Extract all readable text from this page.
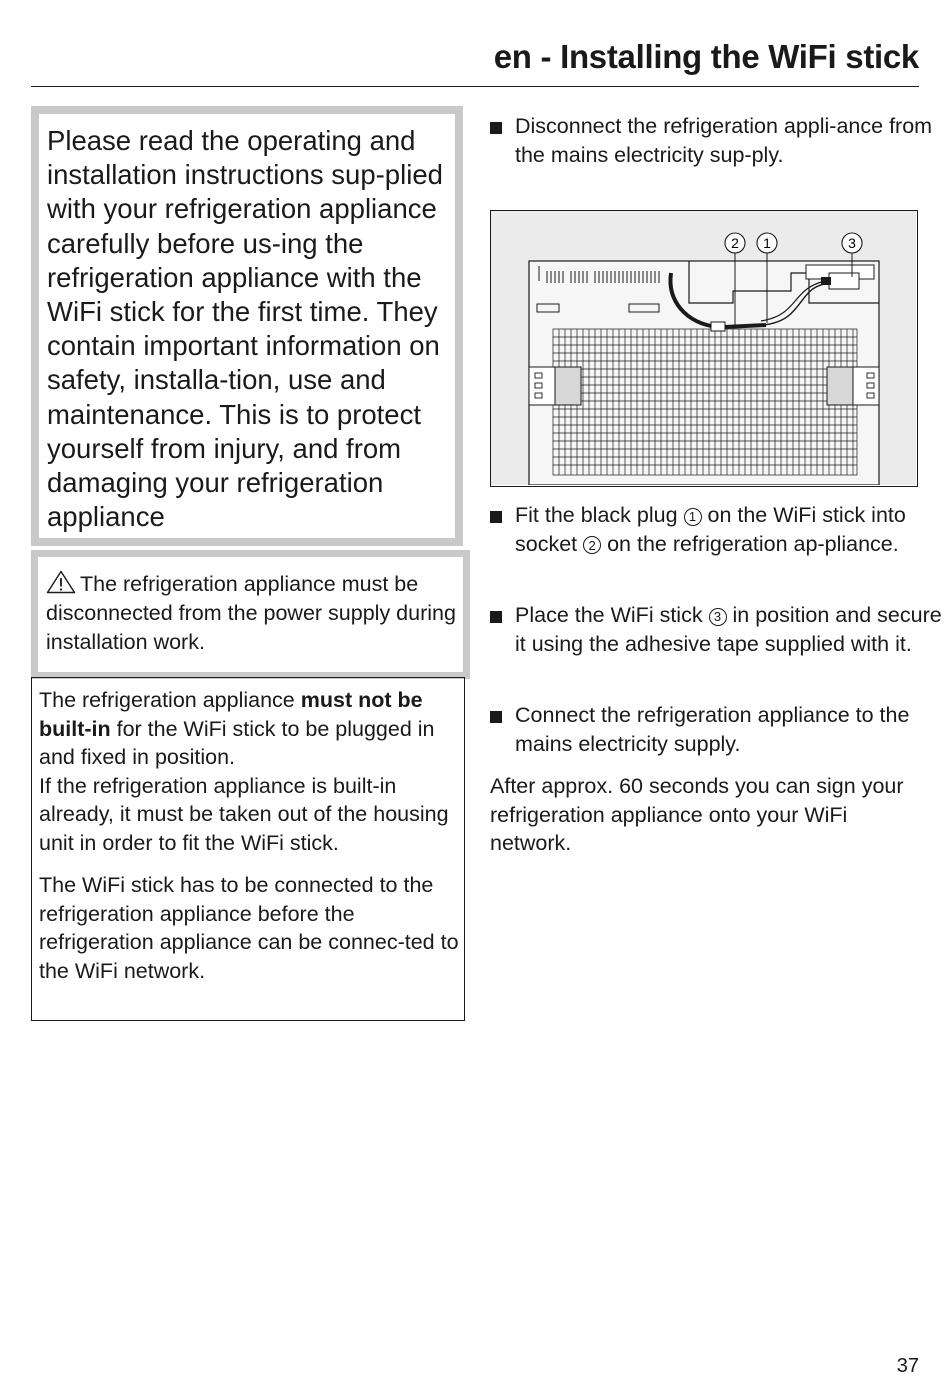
en - Installing the WiFi stick

Please read the operating and installation instructions sup-plied with your refrigeration appliance carefully before us-ing the refrigeration appliance with the WiFi stick for the first time. They contain important information on safety, installa-tion, use and maintenance. This is to protect yourself from injury, and from damaging your refrigeration appliance

The refrigeration appliance must be disconnected from the power supply during installation work.

The refrigeration appliance must not be built-in for the WiFi stick to be plugged in and fixed in position.
If the refrigeration appliance is built-in already, it must be taken out of the housing unit in order to fit the WiFi stick.

The WiFi stick has to be connected to the refrigeration appliance before the refrigeration appliance can be connec-ted to the WiFi network.

Disconnect the refrigeration appli-ance from the mains electricity sup-ply.
2 1	3
Fit the black plug 1 on the WiFi stick into socket 2 on the refrigeration ap-pliance.
Place the WiFi stick 3 in position and secure it using the adhesive tape supplied with it.
Connect the refrigeration appliance to the mains electricity supply.

After approx. 60 seconds you can sign your refrigeration appliance onto your WiFi network.

37
